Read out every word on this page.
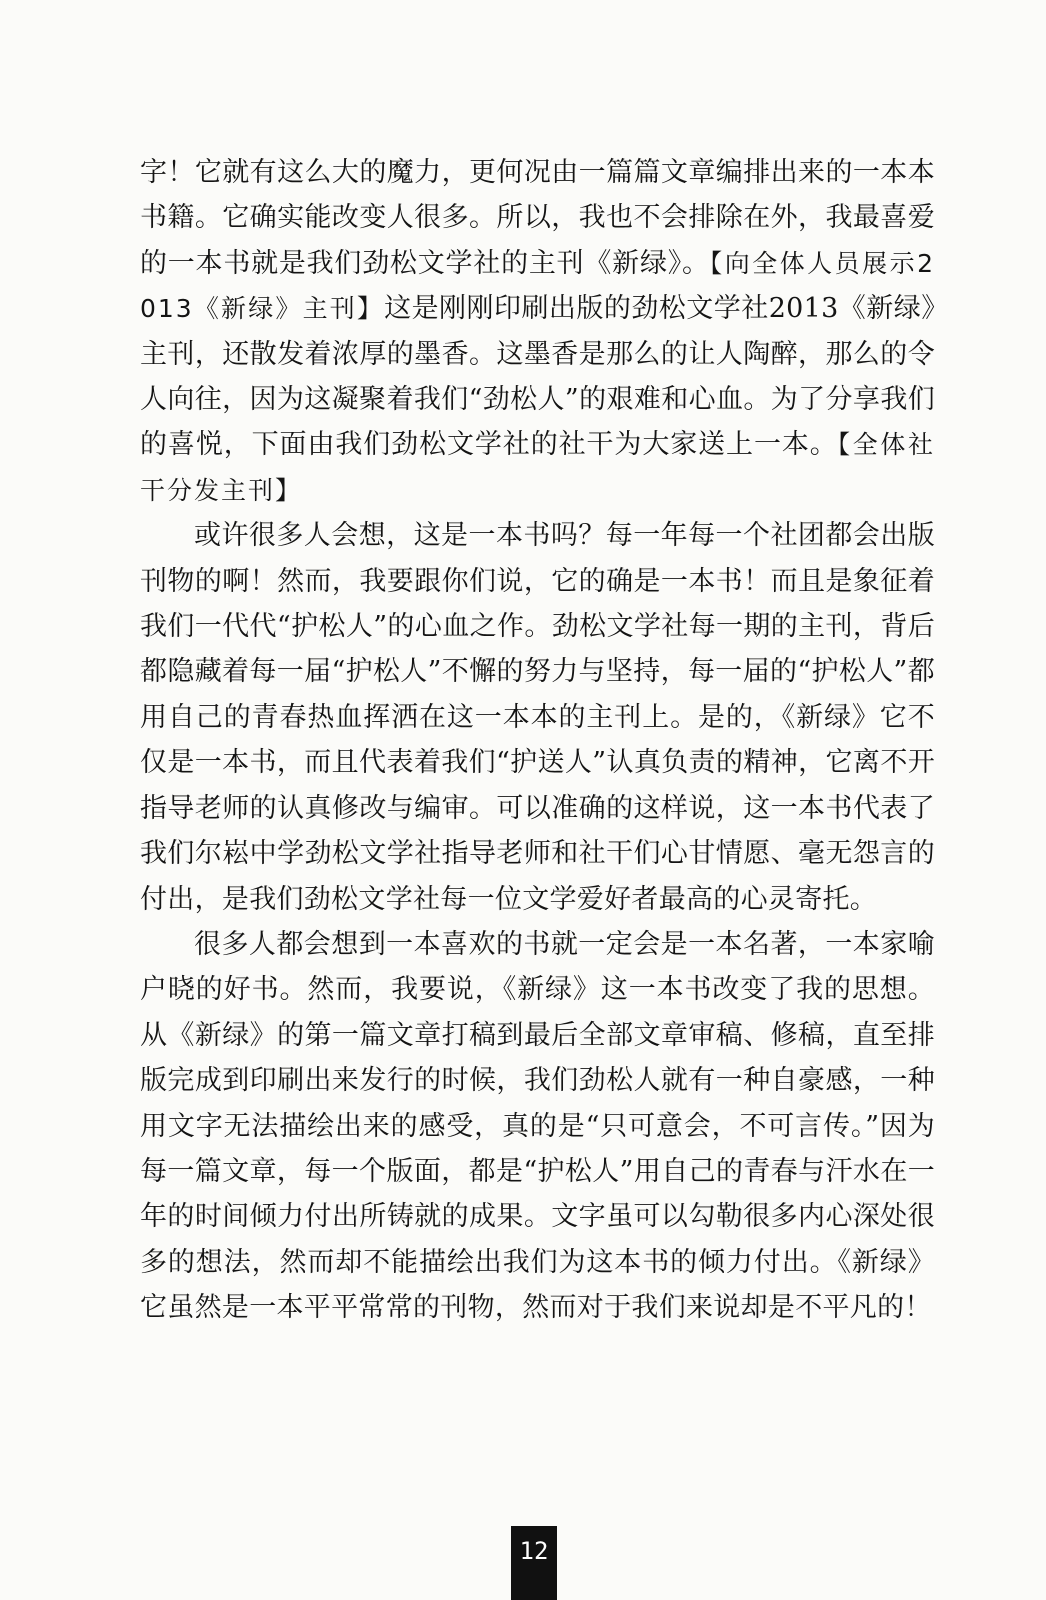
字！它就有这么大的魔力，更何况由一篇篇文章编排出来的一本本书籍。它确实能改变人很多。所以，我也不会排除在外，我最喜爱的一本书就是我们劲松文学社的主刊《新绿》。【向全体人员展示2013《新绿》主刊】这是刚刚印刷出版的劲松文学社2013《新绿》主刊，还散发着浓厚的墨香。这墨香是那么的让人陶醉，那么的令人向往，因为这凝聚着我们“劲松人”的艰难和心血。为了分享我们的喜悦，下面由我们劲松文学社的社干为大家送上一本。【全体社干分发主刊】

或许很多人会想，这是一本书吗？每一年每一个社团都会出版刊物的啊！然而，我要跟你们说，它的确是一本书！而且是象征着我们一代代“护松人”的心血之作。劲松文学社每一期的主刊，背后都隐藏着每一届“护松人”不懈的努力与坚持，每一届的“护松人”都用自己的青春热血挥洒在这一本本的主刊上。是的，《新绿》它不仅是一本书，而且代表着我们“护送人”认真负责的精神，它离不开指导老师的认真修改与编审。可以准确的这样说，这一本书代表了我们尔崧中学劲松文学社指导老师和社干们心甘情愿、毫无怨言的付出，是我们劲松文学社每一位文学爱好者最高的心灵寄托。

很多人都会想到一本喜欢的书就一定会是一本名著，一本家喻户晓的好书。然而，我要说，《新绿》这一本书改变了我的思想。从《新绿》的第一篇文章打稿到最后全部文章审稿、修稿，直至排版完成到印刷出来发行的时候，我们劲松人就有一种自豪感，一种用文字无法描绘出来的感受，真的是“只可意会，不可言传。”因为每一篇文章，每一个版面，都是“护松人”用自己的青春与汗水在一年的时间倾力付出所铸就的成果。文字虽可以勾勒很多内心深处很多的想法，然而却不能描绘出我们为这本书的倾力付出。《新绿》它虽然是一本平平常常的刊物，然而对于我们来说却是不平凡的！

12
